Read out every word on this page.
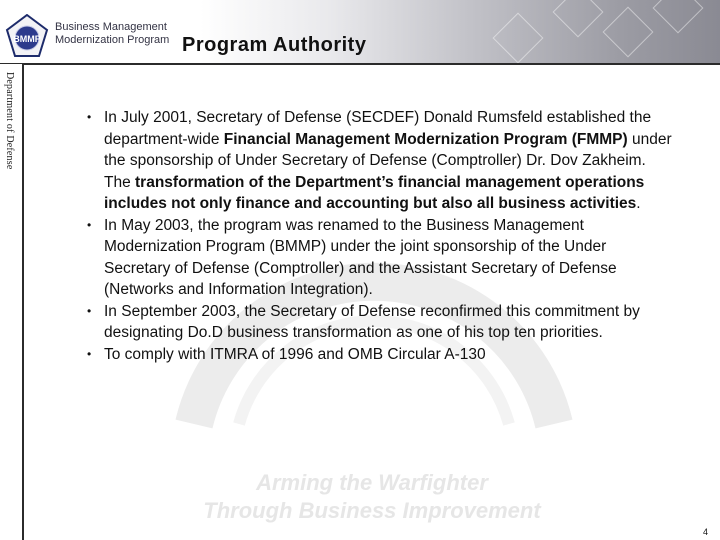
BMMP
Business Management
Modernization Program Program Authority
Department of Defense
Arming the Warfighter
Through Business Improvement
• In July 2001, Secretary of Defense (SECDEF) Donald Rumsfeld established the department-wide Financial Management Modernization Program (FMMP) under the sponsorship of Under Secretary of Defense (Comptroller) Dr. Dov Zakheim. The transformation of the Department’s financial management operations includes not only finance and accounting but also all business activities.
• In May 2003, the program was renamed to the Business Management Modernization Program (BMMP) under the joint sponsorship of the Under Secretary of Defense (Comptroller) and the Assistant Secretary of Defense (Networks and Information Integration).
• In September 2003, the Secretary of Defense reconfirmed this commitment by designating Do.D business transformation as one of his top ten priorities.
• To comply with ITMRA of 1996 and OMB Circular A-130
4
